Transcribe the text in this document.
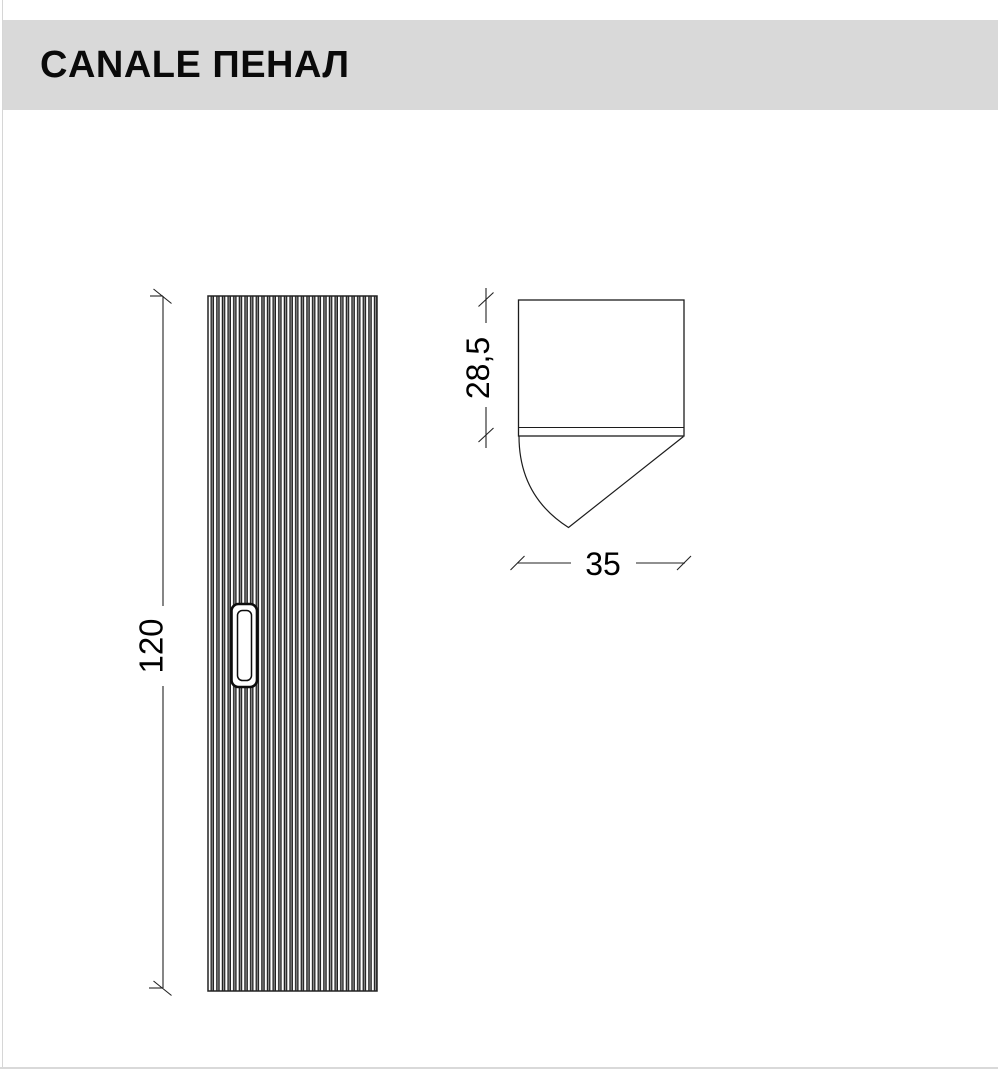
CANALE ПЕНАЛ
120
28,5
35
